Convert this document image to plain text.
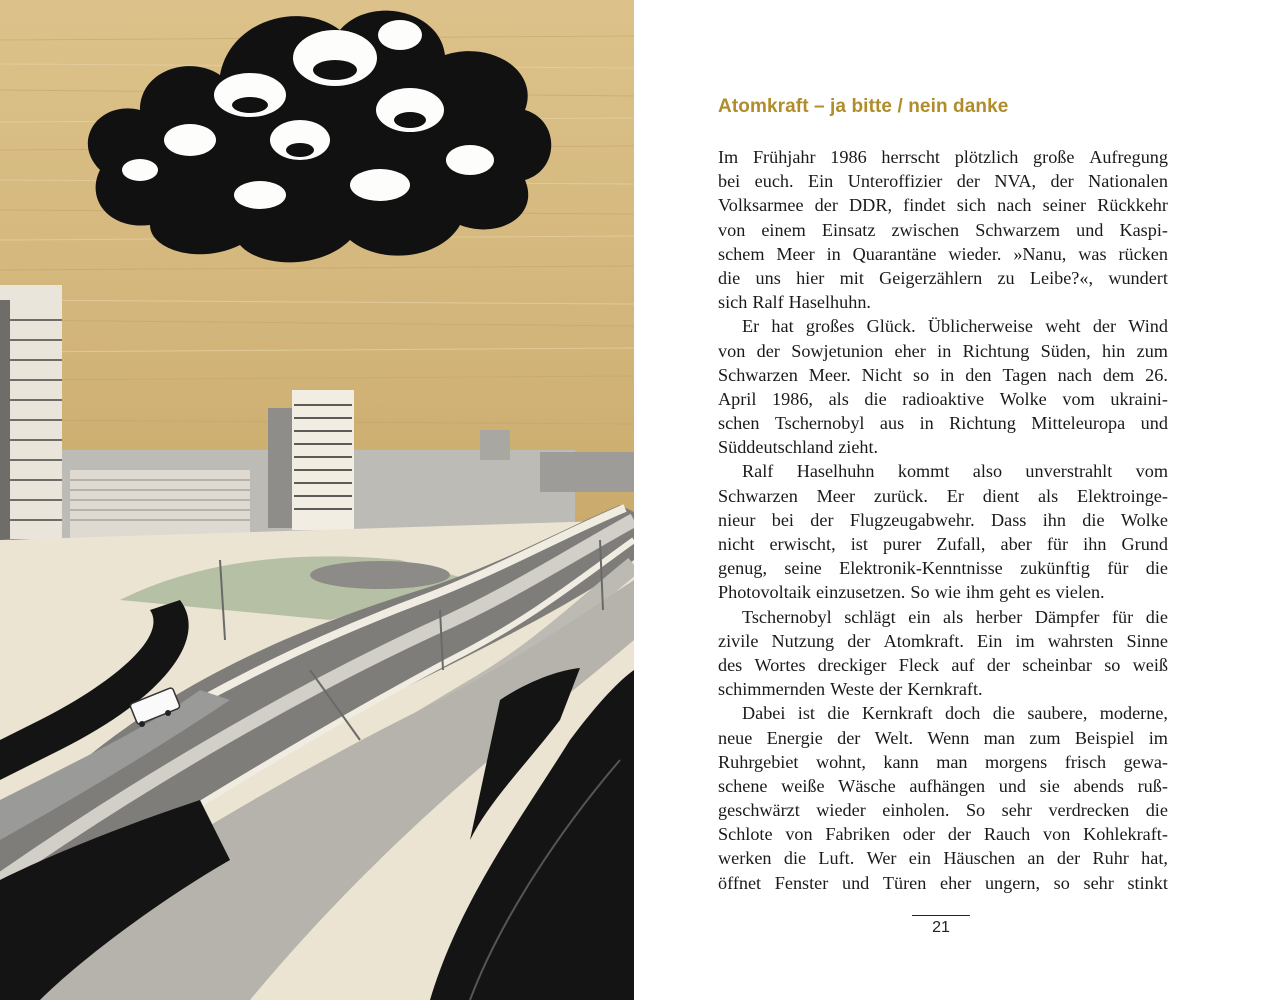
Atomkraft – ja bitte / nein danke
Im Frühjahr 1986 herrscht plötzlich große Aufregung
bei euch. Ein Unteroffizier der NVA, der Nationalen
Volksarmee der DDR, findet sich nach seiner Rückkehr
von einem Einsatz zwischen Schwarzem und Kaspi-
schem Meer in Quarantäne wieder. »Nanu, was rücken
die uns hier mit Geigerzählern zu Leibe?«, wundert
sich Ralf Haselhuhn.
Er hat großes Glück. Üblicherweise weht der Wind
von der Sowjetunion eher in Richtung Süden, hin zum
Schwarzen Meer. Nicht so in den Tagen nach dem 26.
April 1986, als die radioaktive Wolke vom ukraini-
schen Tschernobyl aus in Richtung Mitteleuropa und
Süddeutschland zieht.
Ralf Haselhuhn kommt also unverstrahlt vom
Schwarzen Meer zurück. Er dient als Elektroinge-
nieur bei der Flugzeugabwehr. Dass ihn die Wolke
nicht erwischt, ist purer Zufall, aber für ihn Grund
genug, seine Elektronik-Kenntnisse zukünftig für die
Photovoltaik einzusetzen. So wie ihm geht es vielen.
Tschernobyl schlägt ein als herber Dämpfer für die
zivile Nutzung der Atomkraft. Ein im wahrsten Sinne
des Wortes dreckiger Fleck auf der scheinbar so weiß
schimmernden Weste der Kernkraft.
Dabei ist die Kernkraft doch die saubere, moderne,
neue Energie der Welt. Wenn man zum Beispiel im
Ruhrgebiet wohnt, kann man morgens frisch gewa-
schene weiße Wäsche aufhängen und sie abends ruß-
geschwärzt wieder einholen. So sehr verdrecken die
Schlote von Fabriken oder der Rauch von Kohlekraft-
werken die Luft. Wer ein Häuschen an der Ruhr hat,
öffnet Fenster und Türen eher ungern, so sehr stinkt
21
